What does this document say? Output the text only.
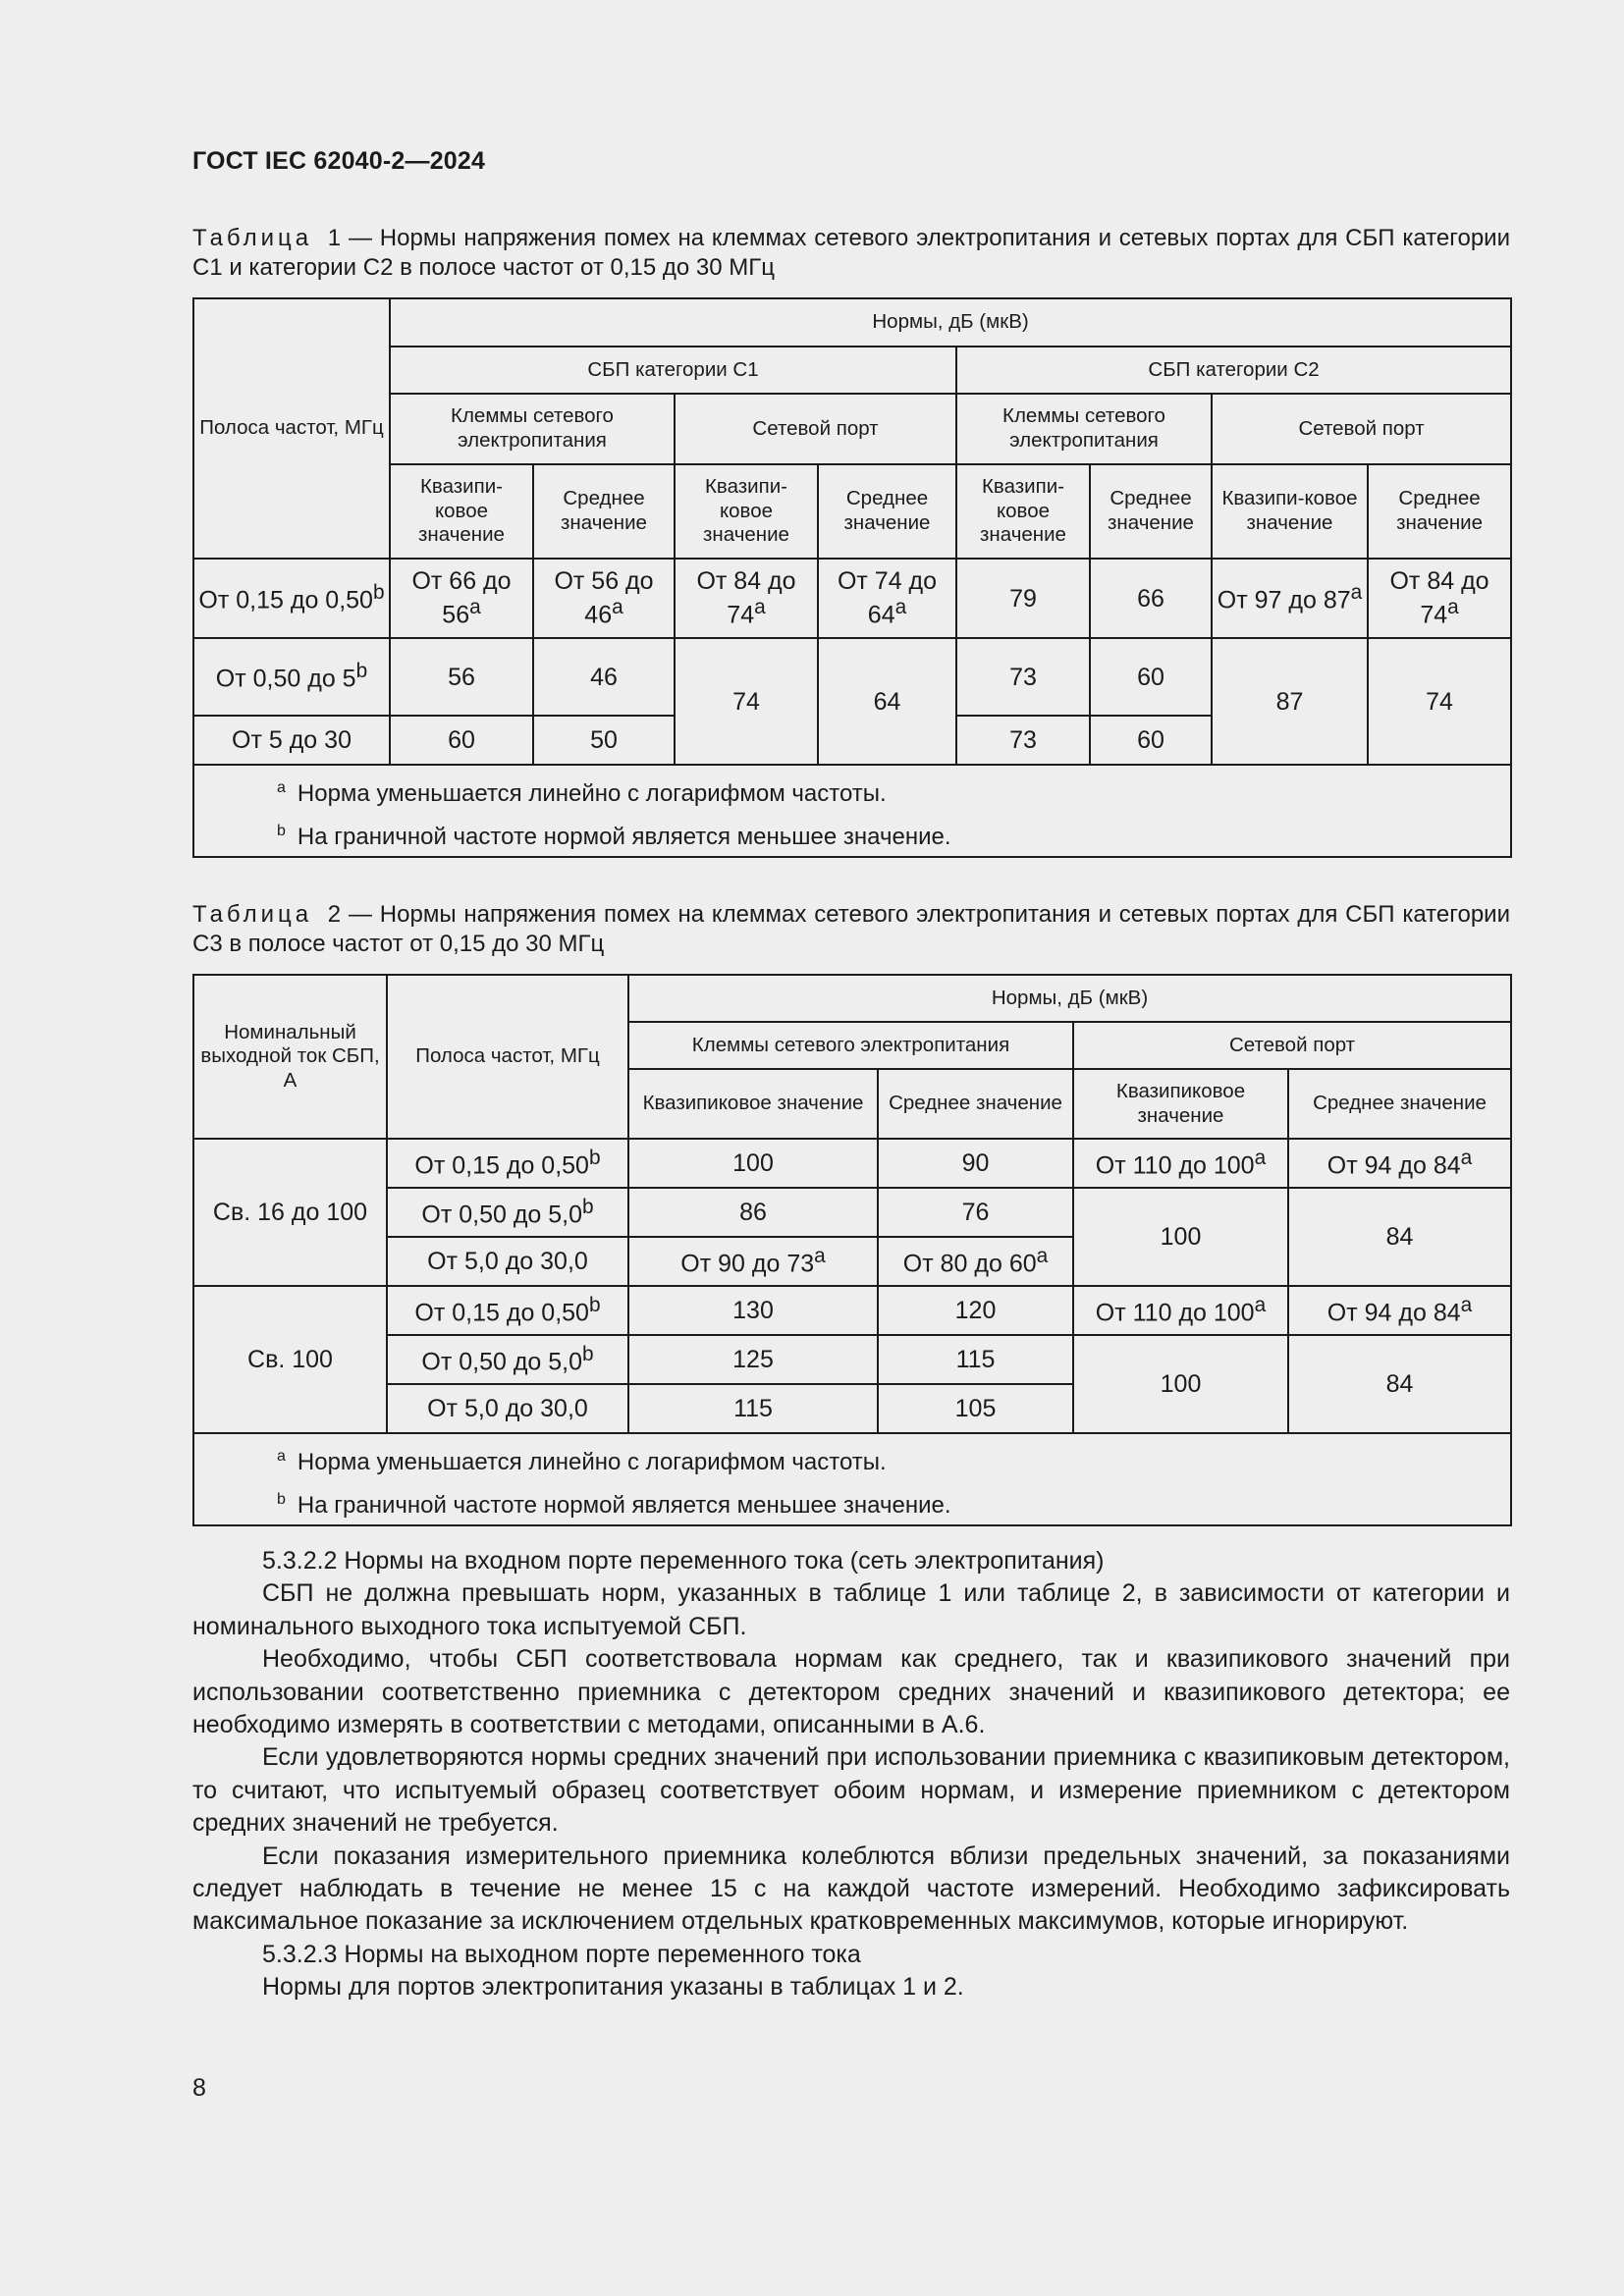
ГОСТ IEC 62040-2—2024
Таблица 1 — Нормы напряжения помех на клеммах сетевого электропитания и сетевых портах для СБП категории С1 и категории С2 в полосе частот от 0,15 до 30 МГц
Полоса частот, МГц	Нормы, дБ (мкВ)							
	СБП категории С1				СБП категории С2			
	Клеммы сетевого электропитания		Сетевой порт		Клеммы сетевого электропитания		Сетевой порт	
	Квазипи-ковое значение	Среднее значение	Квазипи-ковое значение	Среднее значение	Квазипи-ковое значение	Среднее значение	Квазипи-ковое значение	Среднее значение
От 0,15 до 0,50$^b$	От 66 до 56$^a$	От 56 до 46$^a$	От 84 до 74$^a$	От 74 до 64$^a$	79	66	От 97 до 87$^a$	От 84 до 74$^a$
От 0,50 до 5$^b$	56	46	74	64	73	60	87	74
От 5 до 30	60	50			73	60		

$^a$ Норма уменьшается линейно с логарифмом частоты.
$^b$ На граничной частоте нормой является меньшее значение.								
Таблица 2 — Нормы напряжения помех на клеммах сетевого электропитания и сетевых портах для СБП категории С3 в полосе частот от 0,15 до 30 МГц
Номинальный выходной ток СБП, А	Полоса частот, МГц	Нормы, дБ (мкВ)			
		Клеммы сетевого электропитания		Сетевой порт	
		Квазипиковое значение	Среднее значение	Квазипиковое значение	Среднее значение
Св. 16 до 100	От 0,15 до 0,50$^b$	100	90	От 110 до 100$^a$	От 94 до 84$^a$
	От 0,50 до 5,0$^b$	86	76	100	84
	От 5,0 до 30,0	От 90 до 73$^a$	От 80 до 60$^a$
Св. 100	От 0,15 до 0,50$^b$	130	120	От 110 до 100$^a$	От 94 до 84$^a$
	От 0,50 до 5,0$^b$	125	115	100	84
	От 5,0 до 30,0	115	105		

$^a$ Норма уменьшается линейно с логарифмом частоты.
$^b$ На граничной частоте нормой является меньшее значение.					

5.3.2.2 Нормы на входном порте переменного тока (сеть электропитания)

СБП не должна превышать норм, указанных в таблице 1 или таблице 2, в зависимости от категории и номинального выходного тока испытуемой СБП.

Необходимо, чтобы СБП соответствовала нормам как среднего, так и квазипикового значений при использовании соответственно приемника с детектором средних значений и квазипикового детектора; ее необходимо измерять в соответствии с методами, описанными в А.6.

Если удовлетворяются нормы средних значений при использовании приемника с квазипиковым детектором, то считают, что испытуемый образец соответствует обоим нормам, и измерение приемником с детектором средних значений не требуется.

Если показания измерительного приемника колеблются вблизи предельных значений, за показаниями следует наблюдать в течение не менее 15 с на каждой частоте измерений. Необходимо зафиксировать максимальное показание за исключением отдельных кратковременных максимумов, которые игнорируют.

5.3.2.3 Нормы на выходном порте переменного тока

Нормы для портов электропитания указаны в таблицах 1 и 2.

8
